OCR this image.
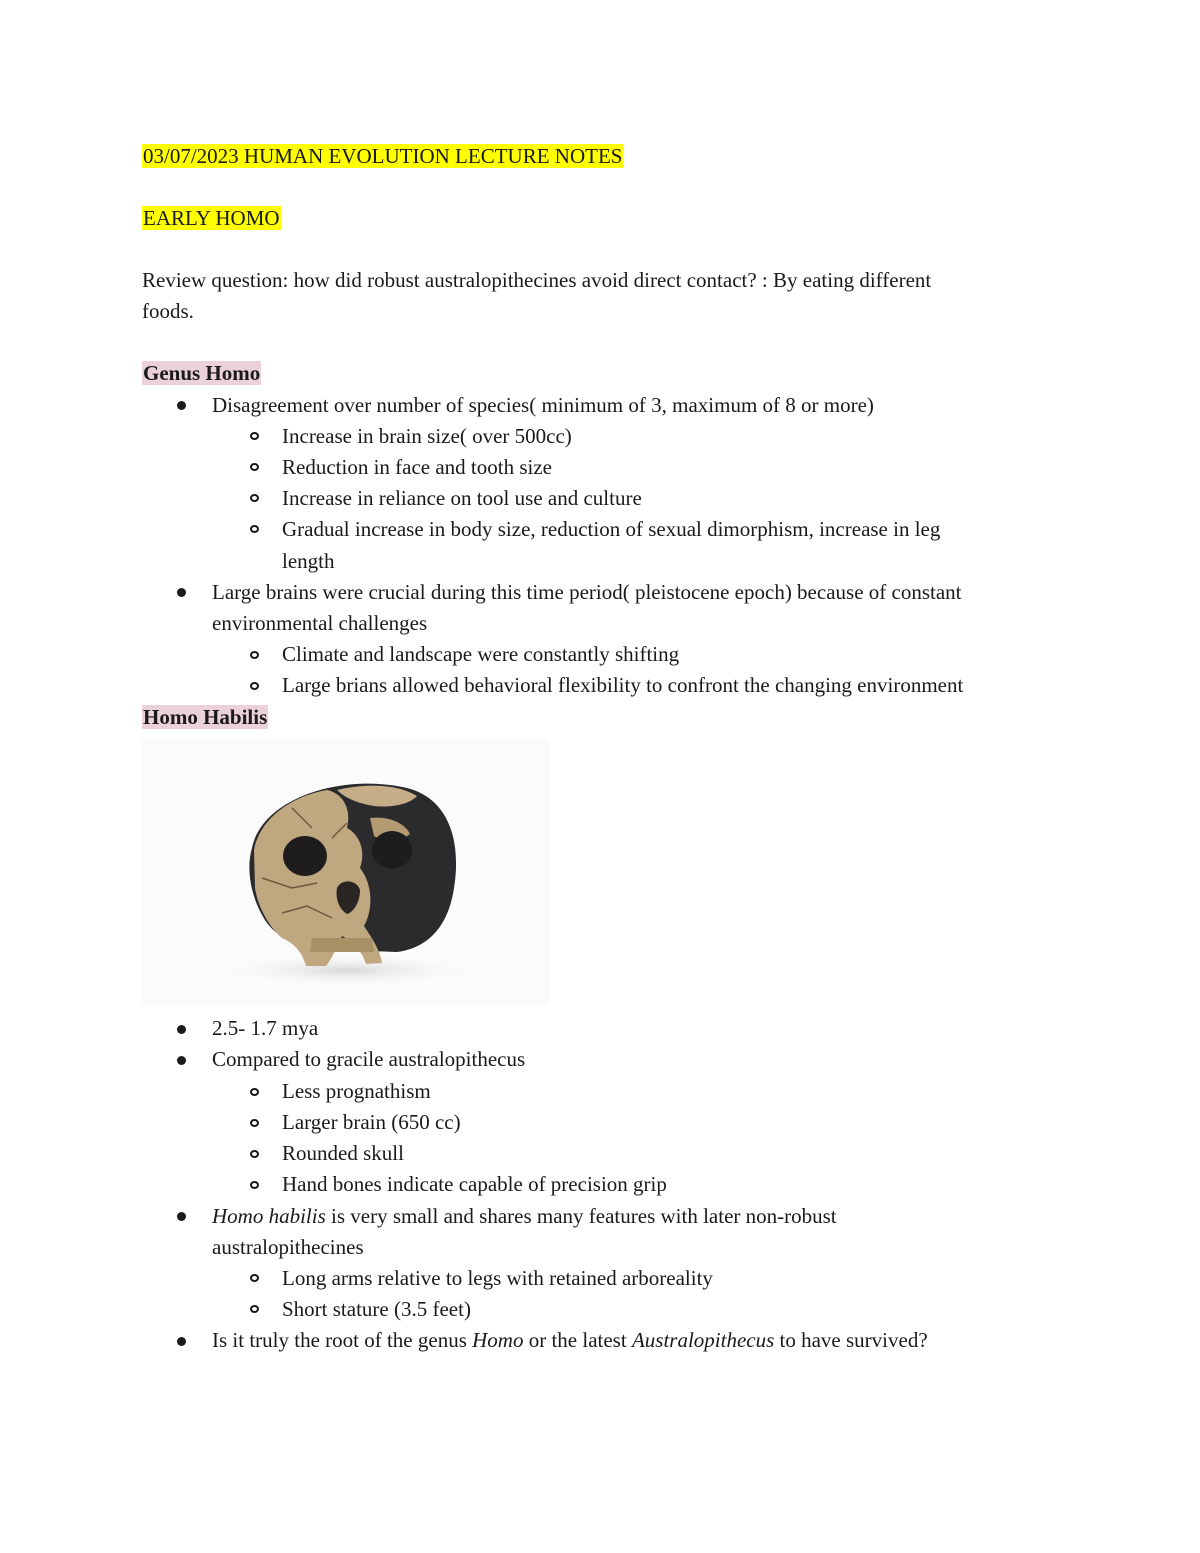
03/07/2023 HUMAN EVOLUTION LECTURE NOTES
EARLY HOMO
Review question: how did robust australopithecines avoid direct contact? : By eating different
foods.
Genus Homo
Disagreement over number of species( minimum of 3, maximum of 8 or more)
Increase in brain size( over 500cc)
Reduction in face and tooth size
Increase in reliance on tool use and culture
Gradual increase in body size, reduction of sexual dimorphism, increase in leg
length
Large brains were crucial during this time period( pleistocene epoch) because of constant
environmental challenges
Climate and landscape were constantly shifting
Large brians allowed behavioral flexibility to confront the changing environment
Homo Habilis
2.5- 1.7 mya
Compared to gracile australopithecus
Less prognathism
Larger brain (650 cc)
Rounded skull
Hand bones indicate capable of precision grip
Homo habilis is very small and shares many features with later non-robust
australopithecines
Long arms relative to legs with retained arboreality
Short stature (3.5 feet)
Is it truly the root of the genus Homo or the latest Australopithecus to have survived?
